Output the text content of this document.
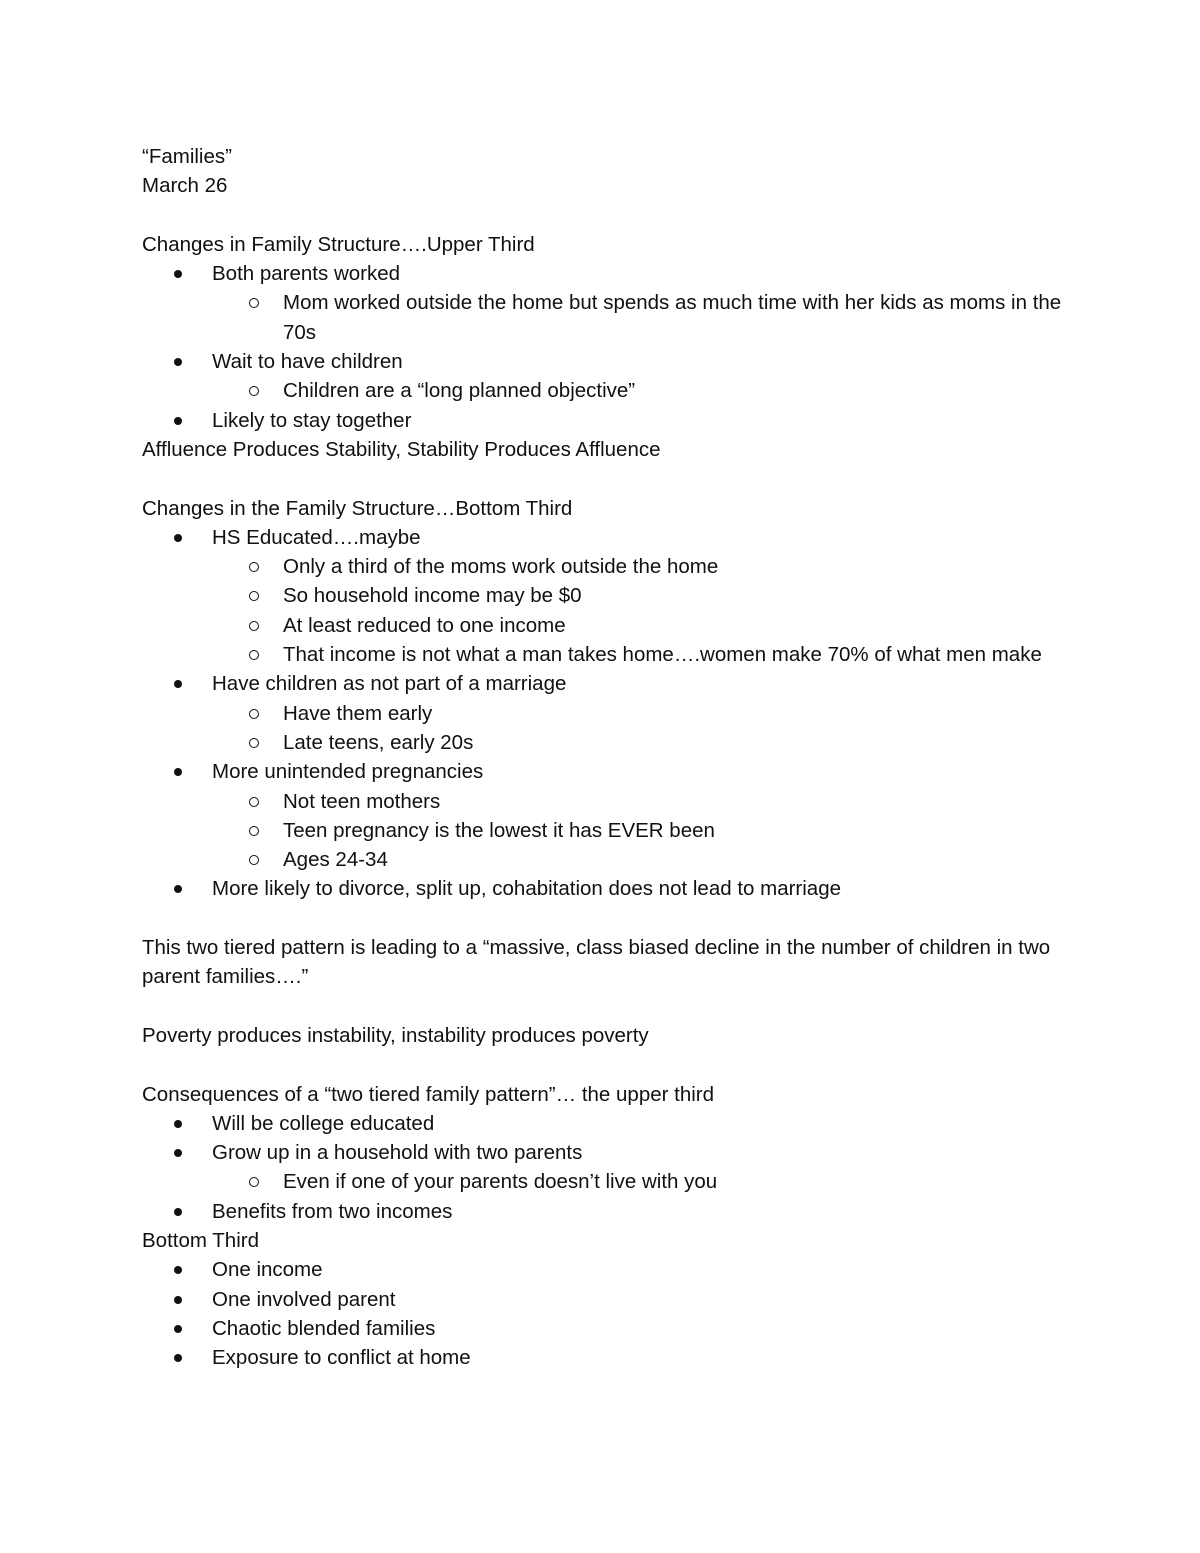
“Families”
March 26
Changes in Family Structure….Upper Third
Both parents worked
Mom worked outside the home but spends as much time with her kids as moms in the 70s
Wait to have children
Children are a “long planned objective”
Likely to stay together
Affluence Produces Stability, Stability Produces Affluence
Changes in the Family Structure…Bottom Third
HS Educated….maybe
Only a third of the moms work outside the home
So household income may be $0
At least reduced to one income
That income is not what a man takes home….women make 70% of what men make
Have children as not part of a marriage
Have them early
Late teens, early 20s
More unintended pregnancies
Not teen mothers
Teen pregnancy is the lowest it has EVER been
Ages 24-34
More likely to divorce, split up, cohabitation does not lead to marriage
This two tiered pattern is leading to a “massive, class biased decline in the number of children in two parent families….”
Poverty produces instability, instability produces poverty
Consequences of a “two tiered family pattern”… the upper third
Will be college educated
Grow up in a household with two parents
Even if one of your parents doesn’t live with you
Benefits from two incomes
Bottom Third
One income
One involved parent
Chaotic blended families
Exposure to conflict at home
